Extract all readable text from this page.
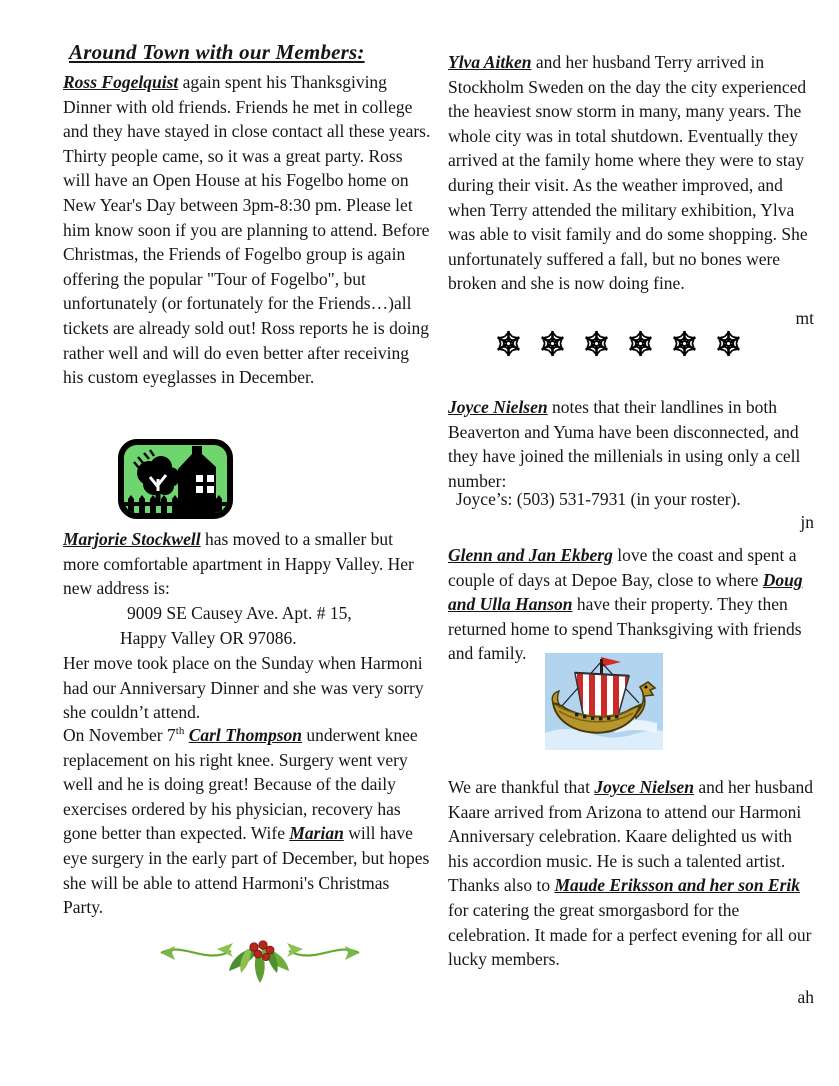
Around Town with our Members:
Ross Fogelquist again spent his Thanksgiving Dinner with old friends. Friends he met in college and they have stayed in close contact all these years. Thirty people came, so it was a great party. Ross will have an Open House at his Fogelbo home on New Year's Day between 3pm-8:30 pm. Please let him know soon if you are planning to attend. Before Christmas, the Friends of Fogelbo group is again offering the popular "Tour of Fogelbo", but unfortunately (or fortunately for the Friends…)all tickets are already sold out! Ross reports he is doing rather well and will do even better after receiving his custom eyeglasses in December.
Marjorie Stockwell has moved to a smaller but more comfortable apartment in Happy Valley. Her new address is:
9009 SE Causey Ave. Apt. # 15,
Happy Valley OR 97086.
Her move took place on the Sunday when Harmoni had our Anniversary Dinner and she was very sorry she couldn’t attend.
On November 7th Carl Thompson underwent knee replacement on his right knee. Surgery went very well and he is doing great! Because of the daily exercises ordered by his physician, recovery has gone better than expected. Wife Marian will have eye surgery in the early part of December, but hopes she will be able to attend Harmoni's Christmas Party.
Ylva Aitken and her husband Terry arrived in Stockholm Sweden on the day the city experienced the heaviest snow storm in many, many years. The whole city was in total shutdown. Eventually they arrived at the family home where they were to stay during their visit. As the weather improved, and when Terry attended the military exhibition, Ylva was able to visit family and do some shopping. She unfortunately suffered a fall, but no bones were broken and she is now doing fine.
mt
Joyce Nielsen notes that their landlines in both Beaverton and Yuma have been disconnected, and they have joined the millenials in using only a cell number:
Joyce’s: (503) 531-7931 (in your roster).
jn
Glenn and Jan Ekberg love the coast and spent a couple of days at Depoe Bay, close to where Doug and Ulla Hanson have their property. They then returned home to spend Thanksgiving with friends and family.
We are thankful that Joyce Nielsen and her husband Kaare arrived from Arizona to attend our Harmoni Anniversary celebration. Kaare delighted us with his accordion music. He is such a talented artist. Thanks also to Maude Eriksson and her son Erik for catering the great smorgasbord for the celebration. It made for a perfect evening for all our lucky members.
ah
